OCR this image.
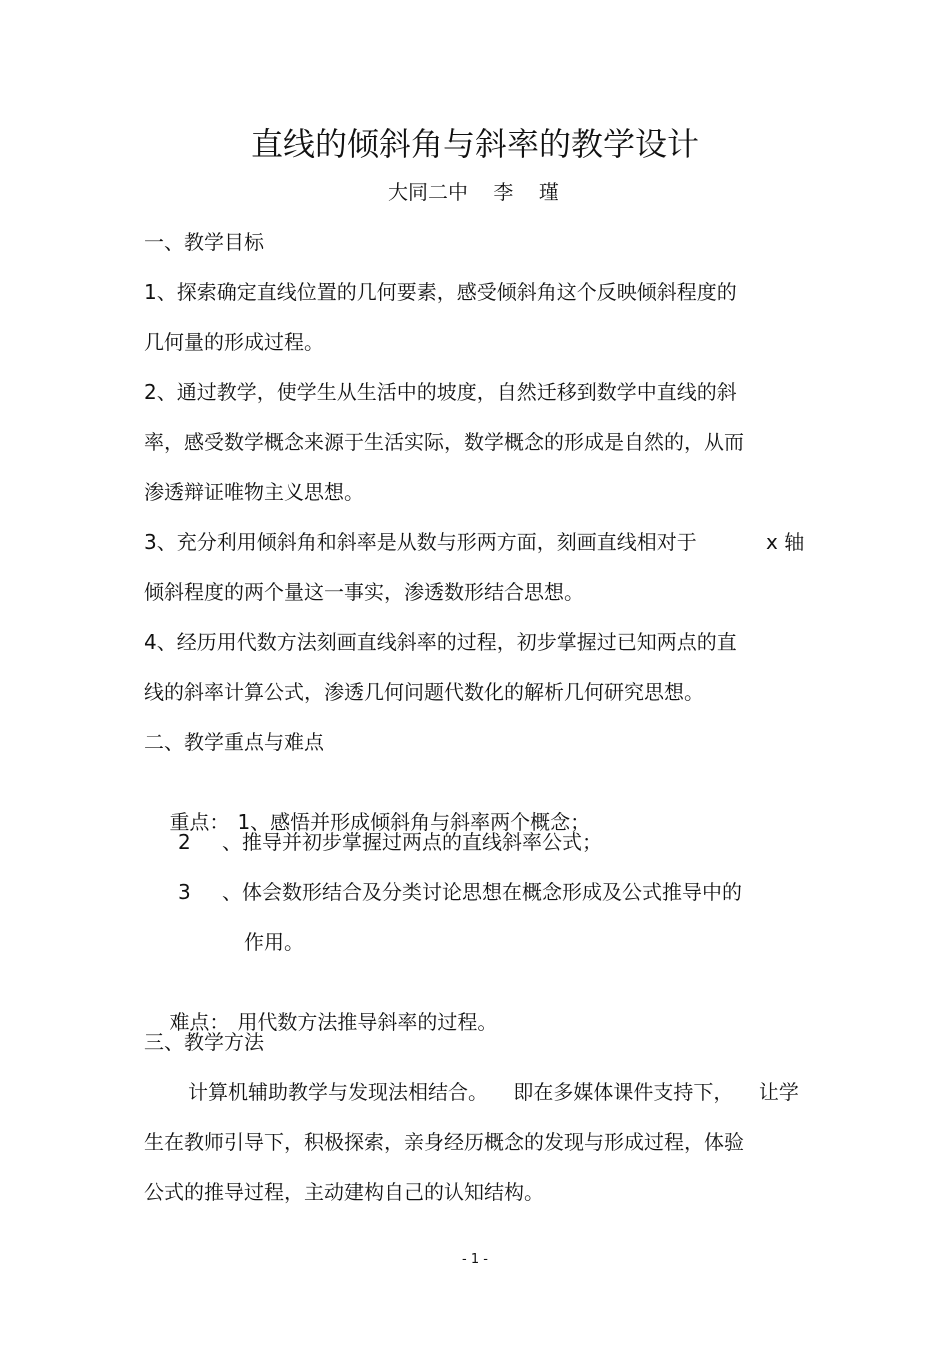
直线的倾斜角与斜率的教学设计
大同二中    李    瑾
一、教学目标
1、探索确定直线位置的几何要素，感受倾斜角这个反映倾斜程度的
几何量的形成过程。
2、通过教学，使学生从生活中的坡度，自然迁移到数学中直线的斜
率，感受数学概念来源于生活实际，数学概念的形成是自然的，从而
渗透辩证唯物主义思想。
3、充分利用倾斜角和斜率是从数与形两方面，刻画直线相对于	x 轴
倾斜程度的两个量这一事实，渗透数形结合思想。
4、经历用代数方法刻画直线斜率的过程，初步掌握过已知两点的直
线的斜率计算公式，渗透几何问题代数化的解析几何研究思想。
二、教学重点与难点

重点： 1、感悟并形成倾斜角与斜率两个概念；

2 、推导并初步掌握过两点的直线斜率公式；
3 、体会数形结合及分类讨论思想在概念形成及公式推导中的
作用。

难点： 用代数方法推导斜率的过程。

三、教学方法
计算机辅助教学与发现法相结合。    即在多媒体课件支持下，    让学
生在教师引导下，积极探索，亲身经历概念的发现与形成过程，体验
公式的推导过程，主动建构自己的认知结构。
- 1 -
